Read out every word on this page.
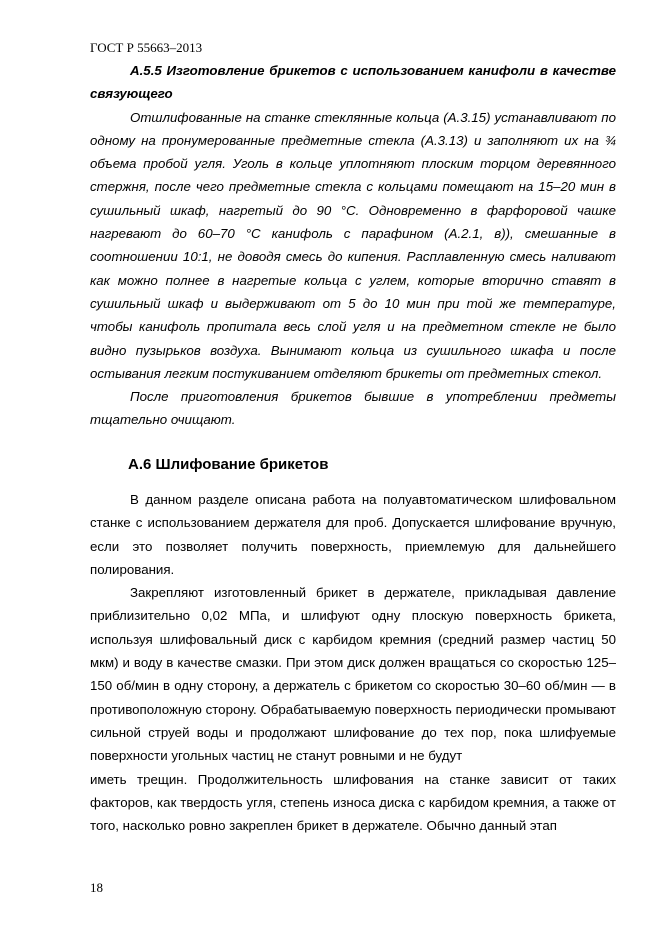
ГОСТ Р 55663–2013

А.5.5 Изготовление брикетов с использованием канифоли в качестве связующего

Отшлифованные на станке стеклянные кольца (А.3.15) устанавливают по одному на пронумерованные предметные стекла (А.3.13) и заполняют их на ¾ объема пробой угля. Уголь в кольце уплотняют плоским торцом деревянного стержня, после чего предметные стекла с кольцами помещают на 15–20 мин в сушильный шкаф, нагретый до 90 °С. Одновременно в фарфоровой чашке нагревают до 60–70 °С канифоль с парафином (А.2.1, в)), смешанные в соотношении 10:1, не доводя смесь до кипения. Расплавленную смесь наливают как можно полнее в нагретые кольца с углем, которые вторично ставят в сушильный шкаф и выдерживают от 5 до 10 мин при той же температуре, чтобы канифоль пропитала весь слой угля и на предметном стекле не было видно пузырьков воздуха. Вынимают кольца из сушильного шкафа и после остывания легким постукиванием отделяют брикеты от предметных стекол.

После приготовления брикетов бывшие в употреблении предметы тщательно очищают.

А.6 Шлифование брикетов

В данном разделе описана работа на полуавтоматическом шлифовальном станке с использованием держателя для проб. Допускается шлифование вручную, если это позволяет получить поверхность, приемлемую для дальнейшего полирования.

Закрепляют изготовленный брикет в держателе, прикладывая давление приблизительно 0,02 МПа, и шлифуют одну плоскую поверхность брикета, используя шлифовальный диск с карбидом кремния (средний размер частиц 50 мкм) и воду в качестве смазки. При этом диск должен вращаться со скоростью 125–150 об/мин в одну сторону, а держатель с брикетом со скоростью 30–60 об/мин — в противоположную сторону. Обрабатываемую поверхность периодически промывают сильной струей воды и продолжают шлифование до тех пор, пока шлифуемые поверхности угольных частиц не станут ровными и не будут

иметь трещин. Продолжительность шлифования на станке зависит от таких факторов, как твердость угля, степень износа диска с карбидом кремния, а также от того, насколько ровно закреплен брикет в держателе. Обычно данный этап

18
